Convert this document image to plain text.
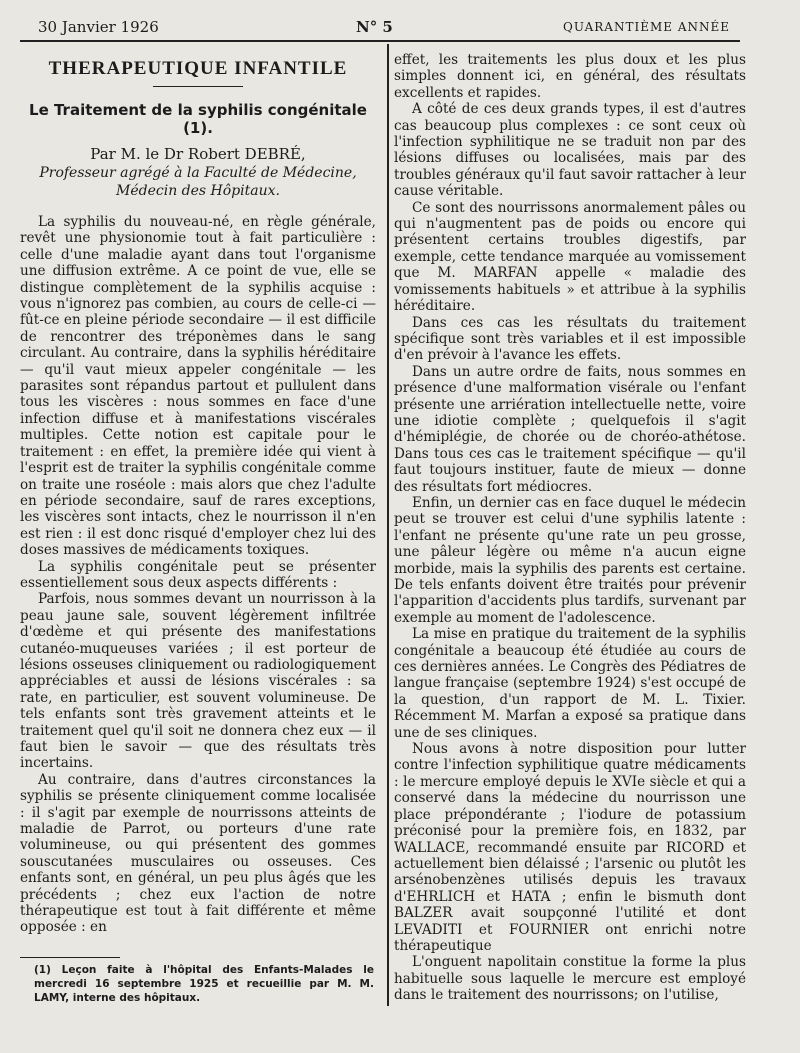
30 Janvier 1926	N° 5	QUARANTIÈME ANNÉE
THERAPEUTIQUE INFANTILE
Le Traitement de la syphilis congénitale (1).

Par M. le Dr Robert DEBRÉ,

Professeur agrégé à la Faculté de Médecine,

Médecin des Hôpitaux.

La syphilis du nouveau-né, en règle générale, revêt une physionomie tout à fait particulière : celle d'une maladie ayant dans tout l'organisme une diffusion extrême. A ce point de vue, elle se distingue complètement de la syphilis acquise : vous n'ignorez pas combien, au cours de celle-ci — fût-ce en pleine période secondaire — il est difficile de rencontrer des tréponèmes dans le sang circulant. Au contraire, dans la syphilis héréditaire — qu'il vaut mieux appeler congénitale — les parasites sont répandus partout et pullulent dans tous les viscères : nous sommes en face d'une infection diffuse et à manifestations viscérales multiples. Cette notion est capitale pour le traitement : en effet, la première idée qui vient à l'esprit est de traiter la syphilis congénitale comme on traite une roséole : mais alors que chez l'adulte en période secondaire, sauf de rares exceptions, les viscères sont intacts, chez le nourrisson il n'en est rien : il est donc risqué d'employer chez lui des doses massives de médicaments toxiques.

La syphilis congénitale peut se présenter essentiellement sous deux aspects différents :

Parfois, nous sommes devant un nourrisson à la peau jaune sale, souvent légèrement infiltrée d'œdème et qui présente des manifestations cutanéo-muqueuses variées ; il est porteur de lésions osseuses cliniquement ou radiologiquement appréciables et aussi de lésions viscérales : sa rate, en particulier, est souvent volumineuse. De tels enfants sont très gravement atteints et le traitement quel qu'il soit ne donnera chez eux — il faut bien le savoir — que des résultats très incertains.

Au contraire, dans d'autres circonstances la syphilis se présente cliniquement comme localisée : il s'agit par exemple de nourrissons atteints de maladie de Parrot, ou porteurs d'une rate volumineuse, ou qui présentent des gommes souscutanées musculaires ou osseuses. Ces enfants sont, en général, un peu plus âgés que les précédents ; chez eux l'action de notre thérapeutique est tout à fait différente et même opposée : en

effet, les traitements les plus doux et les plus simples donnent ici, en général, des résultats excellents et rapides.

A côté de ces deux grands types, il est d'autres cas beaucoup plus complexes : ce sont ceux où l'infection syphilitique ne se traduit non par des lésions diffuses ou localisées, mais par des troubles généraux qu'il faut savoir rattacher à leur cause véritable.

Ce sont des nourrissons anormalement pâles ou qui n'augmentent pas de poids ou encore qui présentent certains troubles digestifs, par exemple, cette tendance marquée au vomissement que M. MARFAN appelle « maladie des vomissements habituels » et attribue à la syphilis héréditaire.

Dans ces cas les résultats du traitement spécifique sont très variables et il est impossible d'en prévoir à l'avance les effets.

Dans un autre ordre de faits, nous sommes en présence d'une malformation visérale ou l'enfant présente une arriération intellectuelle nette, voire une idiotie complète ; quelquefois il s'agit d'hémiplégie, de chorée ou de choréo-athétose. Dans tous ces cas le traitement spécifique — qu'il faut toujours instituer, faute de mieux — donne des résultats fort médiocres.

Enfin, un dernier cas en face duquel le médecin peut se trouver est celui d'une syphilis latente : l'enfant ne présente qu'une rate un peu grosse, une pâleur légère ou même n'a aucun eigne morbide, mais la syphilis des parents est certaine. De tels enfants doivent être traités pour prévenir l'apparition d'accidents plus tardifs, survenant par exemple au moment de l'adolescence.

La mise en pratique du traitement de la syphilis congénitale a beaucoup été étudiée au cours de ces dernières années. Le Congrès des Pédiatres de langue française (septembre 1924) s'est occupé de la question, d'un rapport de M. L. Tixier. Récemment M. Marfan a exposé sa pratique dans une de ses cliniques.

Nous avons à notre disposition pour lutter contre l'infection syphilitique quatre médicaments : le mercure employé depuis le XVIe siècle et qui a conservé dans la médecine du nourrisson une place prépondérante ; l'iodure de potassium préconisé pour la première fois, en 1832, par WALLACE, recommandé ensuite par RICORD et actuellement bien délaissé ; l'arsenic ou plutôt les arsénobenzènes utilisés depuis les travaux d'EHRLICH et HATA ; enfin le bismuth dont BALZER avait soupçonné l'utilité et dont LEVADITI et FOURNIER ont enrichi notre thérapeutique

L'onguent napolitain constitue la forme la plus habituelle sous laquelle le mercure est employé dans le traitement des nourrissons; on l'utilise,

(1) Leçon faite à l'hôpital des Enfants-Malades le mercredi 16 septembre 1925 et recueillie par M. M. LAMY, interne des hôpitaux.
